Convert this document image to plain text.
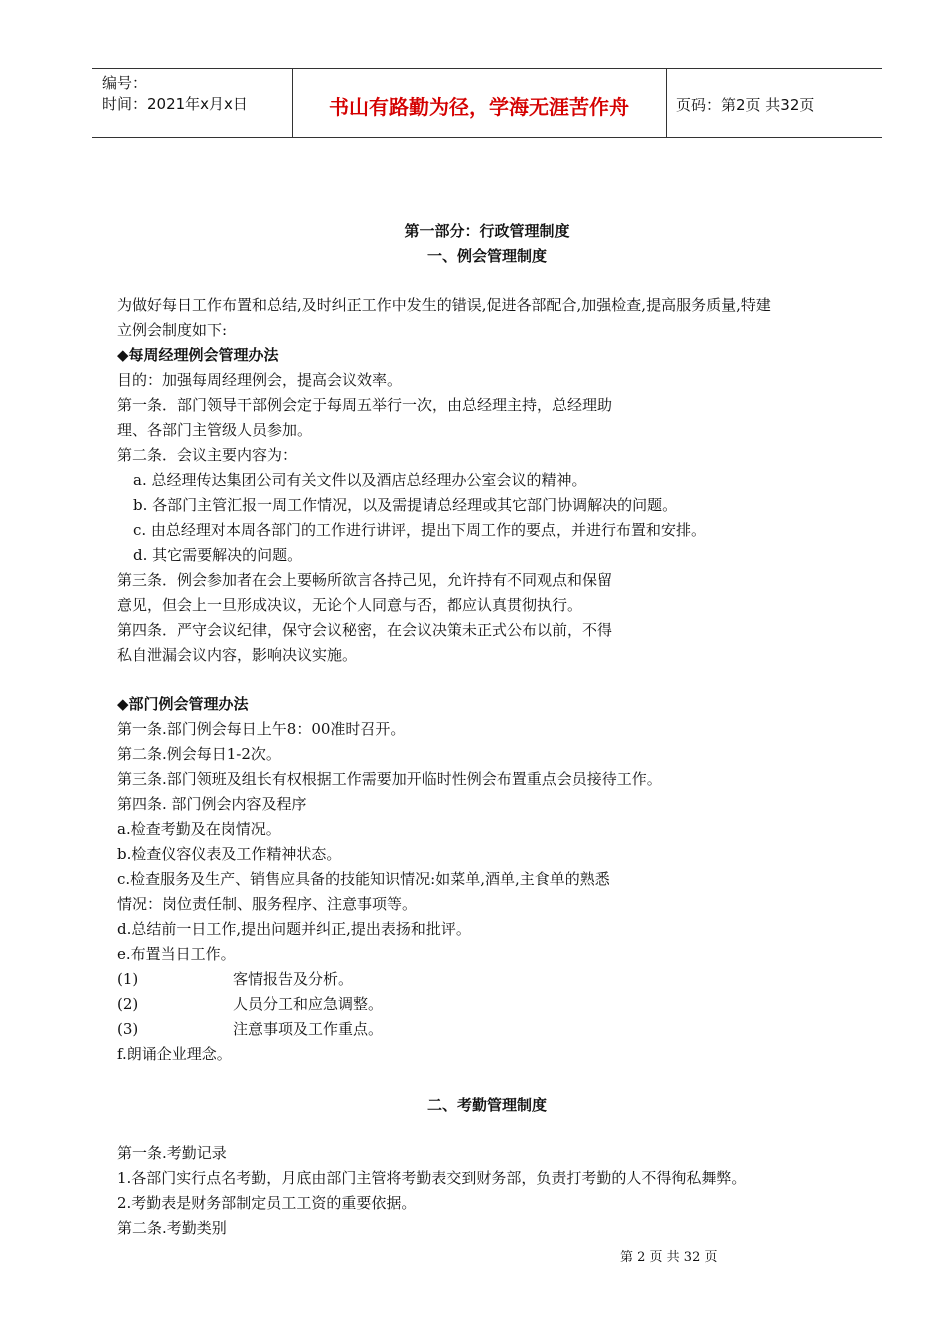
编号：
时间：2021年x月x日	书山有路勤为径，学海无涯苦作舟	页码：第2页 共32页
第一部分：行政管理制度
一、例会管理制度
为做好每日工作布置和总结,及时纠正工作中发生的错误,促进各部配合,加强检查,提高服务质量,特建
立例会制度如下:
◆每周经理例会管理办法
目的：加强每周经理例会，提高会议效率。
第一条．部门领导干部例会定于每周五举行一次，由总经理主持，总经理助
理、各部门主管级人员参加。
第二条．会议主要内容为：
a. 总经理传达集团公司有关文件以及酒店总经理办公室会议的精神。
b. 各部门主管汇报一周工作情况，以及需提请总经理或其它部门协调解决的问题。
c. 由总经理对本周各部门的工作进行讲评，提出下周工作的要点，并进行布置和安排。
d. 其它需要解决的问题。
第三条．例会参加者在会上要畅所欲言各持己见，允许持有不同观点和保留
意见，但会上一旦形成决议，无论个人同意与否，都应认真贯彻执行。
第四条．严守会议纪律，保守会议秘密，在会议决策未正式公布以前，不得
私自泄漏会议内容，影响决议实施。
◆部门例会管理办法
第一条.部门例会每日上午8：00准时召开。
第二条.例会每日1-2次。
第三条.部门领班及组长有权根据工作需要加开临时性例会布置重点会员接待工作。
第四条. 部门例会内容及程序
a.检查考勤及在岗情况。
b.检查仪容仪表及工作精神状态。
c.检查服务及生产、销售应具备的技能知识情况:如菜单,酒单,主食单的熟悉
情况：岗位责任制、服务程序、注意事项等。
d.总结前一日工作,提出问题并纠正,提出表扬和批评。
e.布置当日工作。
(1)	客情报告及分析。
(2)	人员分工和应急调整。
(3)	注意事项及工作重点。
f.朗诵企业理念。
二、考勤管理制度
第一条.考勤记录
1.各部门实行点名考勤，月底由部门主管将考勤表交到财务部，负责打考勤的人不得徇私舞弊。
2.考勤表是财务部制定员工工资的重要依据。
第二条.考勤类别
第 2 页 共 32 页
